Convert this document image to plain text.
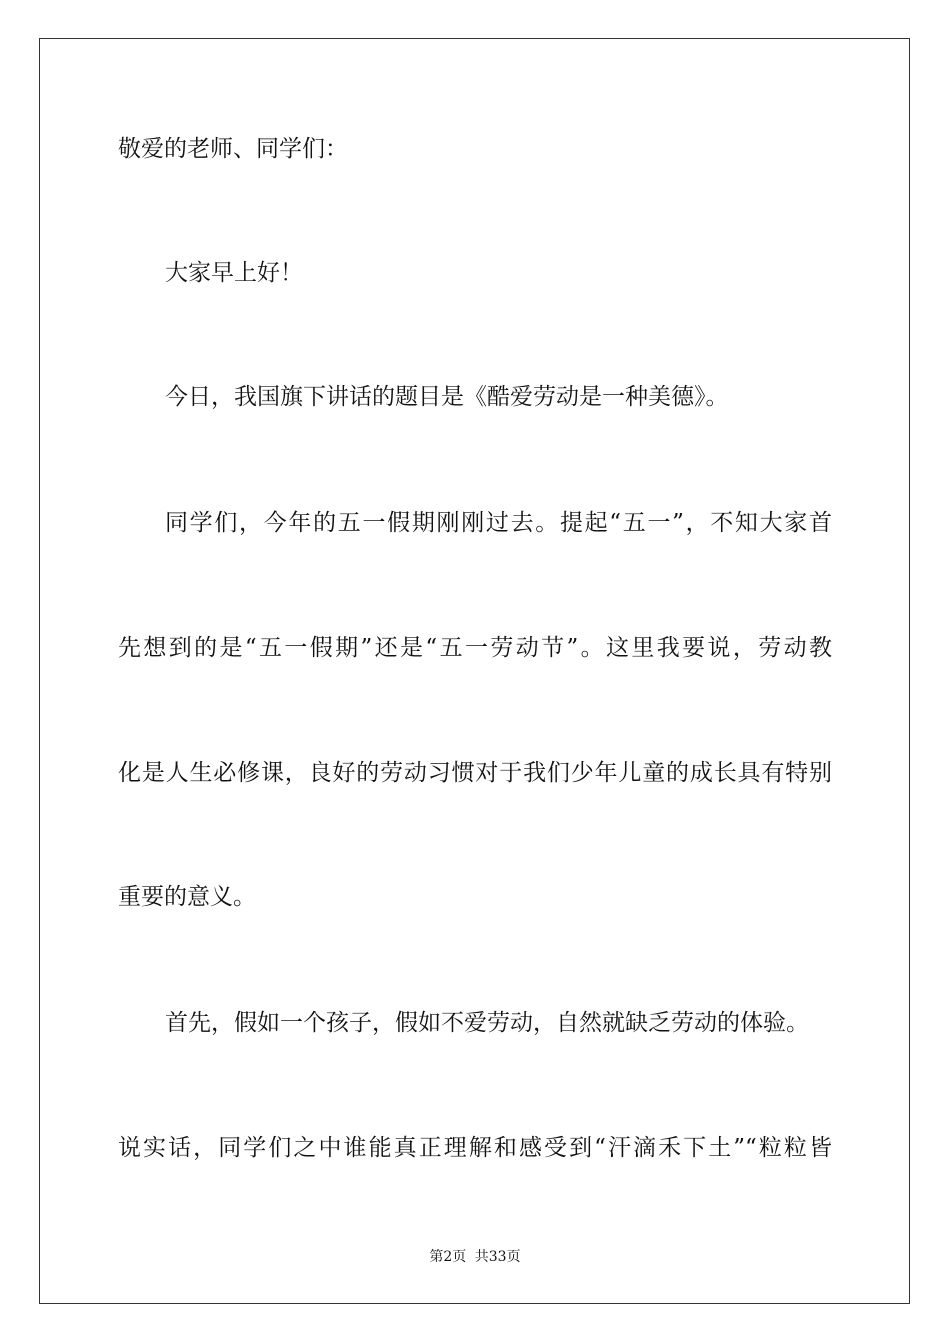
敬爱的老师、同学们：

大家早上好！

今日，我国旗下讲话的题目是《酷爱劳动是一种美德》。

同学们，今年的五一假期刚刚过去。提起“五一”，不知大家首

先想到的是“五一假期”还是“五一劳动节”。这里我要说，劳动教

化是人生必修课，良好的劳动习惯对于我们少年儿童的成长具有特别

重要的意义。

首先，假如一个孩子，假如不爱劳动，自然就缺乏劳动的体验。

说实话，同学们之中谁能真正理解和感受到“汗滴禾下土”“粒粒皆

第2页 共33页
